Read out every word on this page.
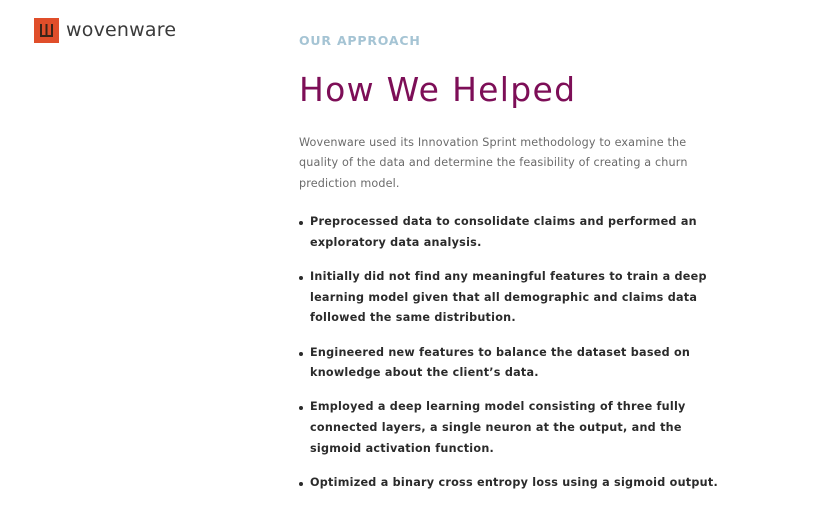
wovenware	OUR APPROACH
How We Helped

Wovenware used its Innovation Sprint methodology to examine the quality of the data and determine the feasibility of creating a churn prediction model.

Preprocessed data to consolidate claims and performed an exploratory data analysis.
Initially did not find any meaningful features to train a deep learning model given that all demographic and claims data followed the same distribution.
Engineered new features to balance the dataset based on knowledge about the client’s data.
Employed a deep learning model consisting of three fully connected layers, a single neuron at the output, and the sigmoid activation function.
Optimized a binary cross entropy loss using a sigmoid output.
